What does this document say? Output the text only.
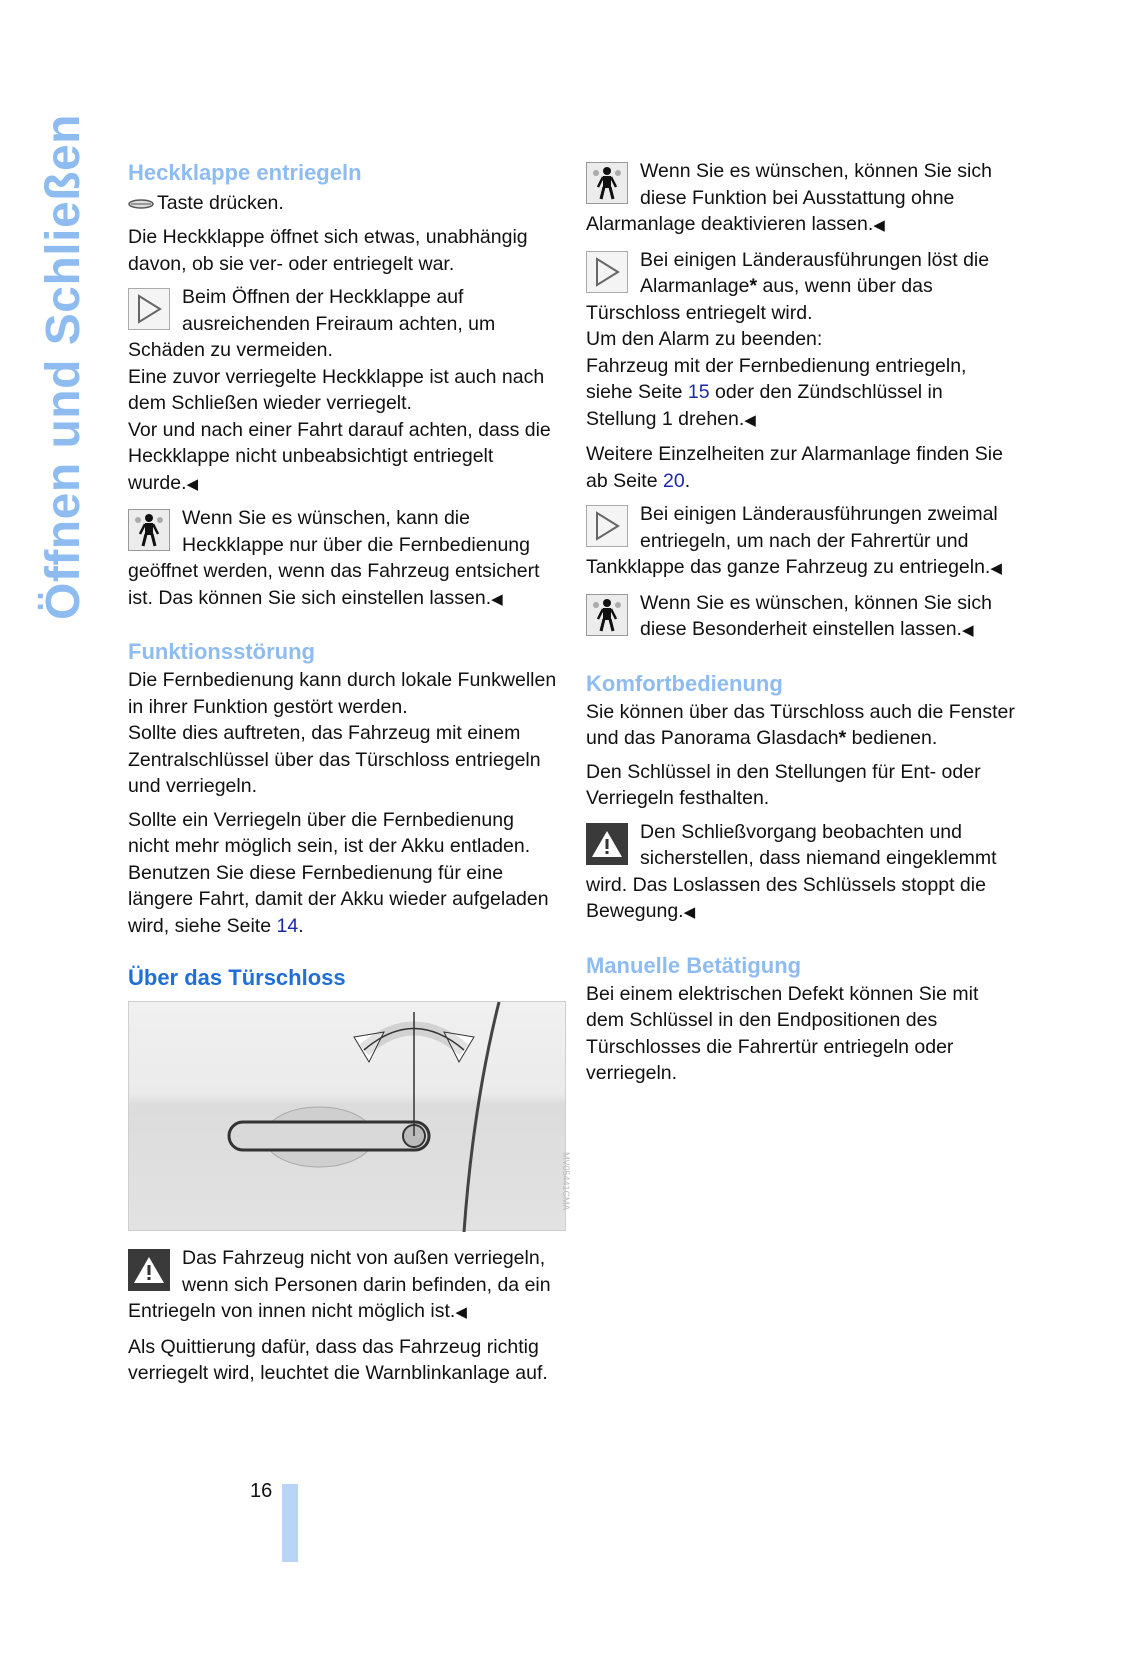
Öffnen und Schließen Heckklappe entriegeln

Taste drücken.

Die Heckklappe öffnet sich etwas, unabhängig davon, ob sie ver- oder entriegelt war.

Beim Öffnen der Heckklappe auf ausreichenden Freiraum achten, um Schäden zu vermeiden.

Eine zuvor verriegelte Heckklappe ist auch nach dem Schließen wieder verriegelt.

Vor und nach einer Fahrt darauf achten, dass die Heckklappe nicht unbeabsichtigt entriegelt wurde.◀

Wenn Sie es wünschen, kann die Heckklappe nur über die Fernbedienung geöffnet werden, wenn das Fahrzeug entsichert ist. Das können Sie sich einstellen lassen.◀

Funktionsstörung

Die Fernbedienung kann durch lokale Funkwellen in ihrer Funktion gestört werden.

Sollte dies auftreten, das Fahrzeug mit einem Zentralschlüssel über das Türschloss entriegeln und verriegeln.

Sollte ein Verriegeln über die Fernbedienung nicht mehr möglich sein, ist der Akku entladen. Benutzen Sie diese Fernbedienung für eine längere Fahrt, damit der Akku wieder aufgeladen wird, siehe Seite 14.

Über das Türschloss
MV05441CMA

Das Fahrzeug nicht von außen verriegeln, wenn sich Personen darin befinden, da ein Entriegeln von innen nicht möglich ist.◀

Als Quittierung dafür, dass das Fahrzeug richtig verriegelt wird, leuchtet die Warnblinkanlage auf.

Wenn Sie es wünschen, können Sie sich diese Funktion bei Ausstattung ohne Alarmanlage deaktivieren lassen.◀

Bei einigen Länderausführungen löst die Alarmanlage* aus, wenn über das Türschloss entriegelt wird.

Um den Alarm zu beenden:

Fahrzeug mit der Fernbedienung entriegeln, siehe Seite 15 oder den Zündschlüssel in Stellung 1 drehen.◀

Weitere Einzelheiten zur Alarmanlage finden Sie ab Seite 20.

Bei einigen Länderausführungen zweimal entriegeln, um nach der Fahrertür und Tankklappe das ganze Fahrzeug zu entriegeln.◀

Wenn Sie es wünschen, können Sie sich diese Besonderheit einstellen lassen.◀

Komfortbedienung

Sie können über das Türschloss auch die Fenster und das Panorama Glasdach* bedienen.

Den Schlüssel in den Stellungen für Ent- oder Verriegeln festhalten.

Den Schließvorgang beobachten und sicherstellen, dass niemand eingeklemmt wird. Das Loslassen des Schlüssels stoppt die Bewegung.◀

Manuelle Betätigung

Bei einem elektrischen Defekt können Sie mit dem Schlüssel in den Endpositionen des Türschlosses die Fahrertür entriegeln oder verriegeln.

16
